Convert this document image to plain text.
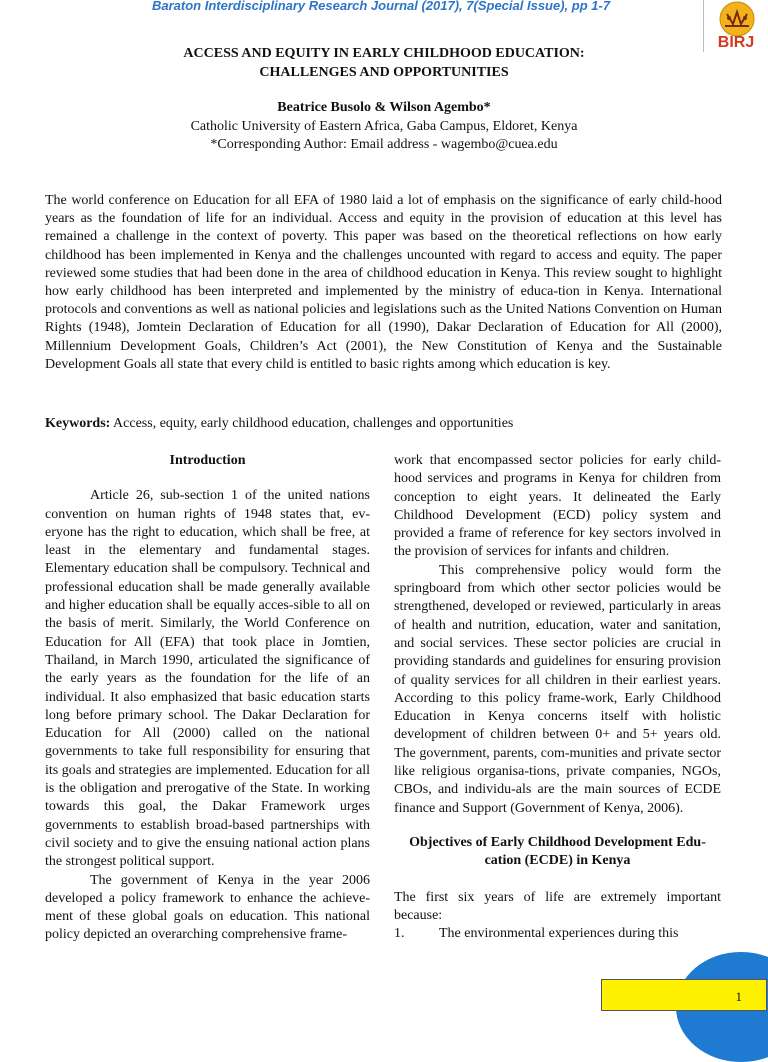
Baraton Interdisciplinary Research Journal (2017), 7(Special Issue), pp 1-7
BIRJ
ACCESS AND EQUITY IN EARLY CHILDHOOD EDUCATION:
CHALLENGES AND OPPORTUNITIES
Beatrice Busolo & Wilson Agembo*
Catholic University of Eastern Africa, Gaba Campus, Eldoret, Kenya
*Corresponding Author: Email address - wagembo@cuea.edu

The world conference on Education for all EFA of 1980 laid a lot of emphasis on the significance of early child-hood years as the foundation of life for an individual. Access and equity in the provision of education at this level has remained a challenge in the context of poverty. This paper was based on the theoretical reflections on how early childhood has been implemented in Kenya and the challenges uncounted with regard to access and equity. The paper reviewed some studies that had been done in the area of childhood education in Kenya. This review sought to highlight how early childhood has been interpreted and implemented by the ministry of educa-tion in Kenya. International protocols and conventions as well as national policies and legislations such as the United Nations Convention on Human Rights (1948), Jomtein Declaration of Education for all (1990), Dakar Declaration of Education for All (2000), Millennium Development Goals, Children’s Act (2001), the New Constitution of Kenya and the Sustainable Development Goals all state that every child is entitled to basic rights among which education is key.

Keywords: Access, equity, early childhood education, challenges and opportunities

Introduction

Article 26, sub-section 1 of the united nations convention on human rights of 1948 states that, ev-eryone has the right to education, which shall be free, at least in the elementary and fundamental stages. Elementary education shall be compulsory. Technical and professional education shall be made generally available and higher education shall be equally acces-sible to all on the basis of merit. Similarly, the World Conference on Education for All (EFA) that took place in Jomtien, Thailand, in March 1990, articulated the significance of the early years as the foundation for the life of an individual. It also emphasized that basic education starts long before primary school. The Dakar Declaration for Education for All (2000) called on the national governments to take full responsibility for ensuring that its goals and strategies are implemented. Education for all is the obligation and prerogative of the State. In working towards this goal, the Dakar Framework urges governments to establish broad-based partnerships with civil society and to give the ensuing national action plans the strongest political support.

The government of Kenya in the year 2006 developed a policy framework to enhance the achieve-ment of these global goals on education. This national policy depicted an overarching comprehensive frame-

work that encompassed sector policies for early child-hood services and programs in Kenya for children from conception to eight years. It delineated the Early Childhood Development (ECD) policy system and provided a frame of reference for key sectors involved in the provision of services for infants and children.

This comprehensive policy would form the springboard from which other sector policies would be strengthened, developed or reviewed, particularly in areas of health and nutrition, education, water and sanitation, and social services. These sector policies are crucial in providing standards and guidelines for ensuring provision of quality services for all children in their earliest years. According to this policy frame-work, Early Childhood Education in Kenya concerns itself with holistic development of children between 0+ and 5+ years old. The government, parents, com-munities and private sector like religious organisa-tions, private companies, NGOs, CBOs, and individu-als are the main sources of ECDE finance and Support (Government of Kenya, 2006).

Objectives of Early Childhood Development Edu-cation (ECDE) in Kenya

The first six years of life are extremely important because:

1.	The environmental experiences during this
1
